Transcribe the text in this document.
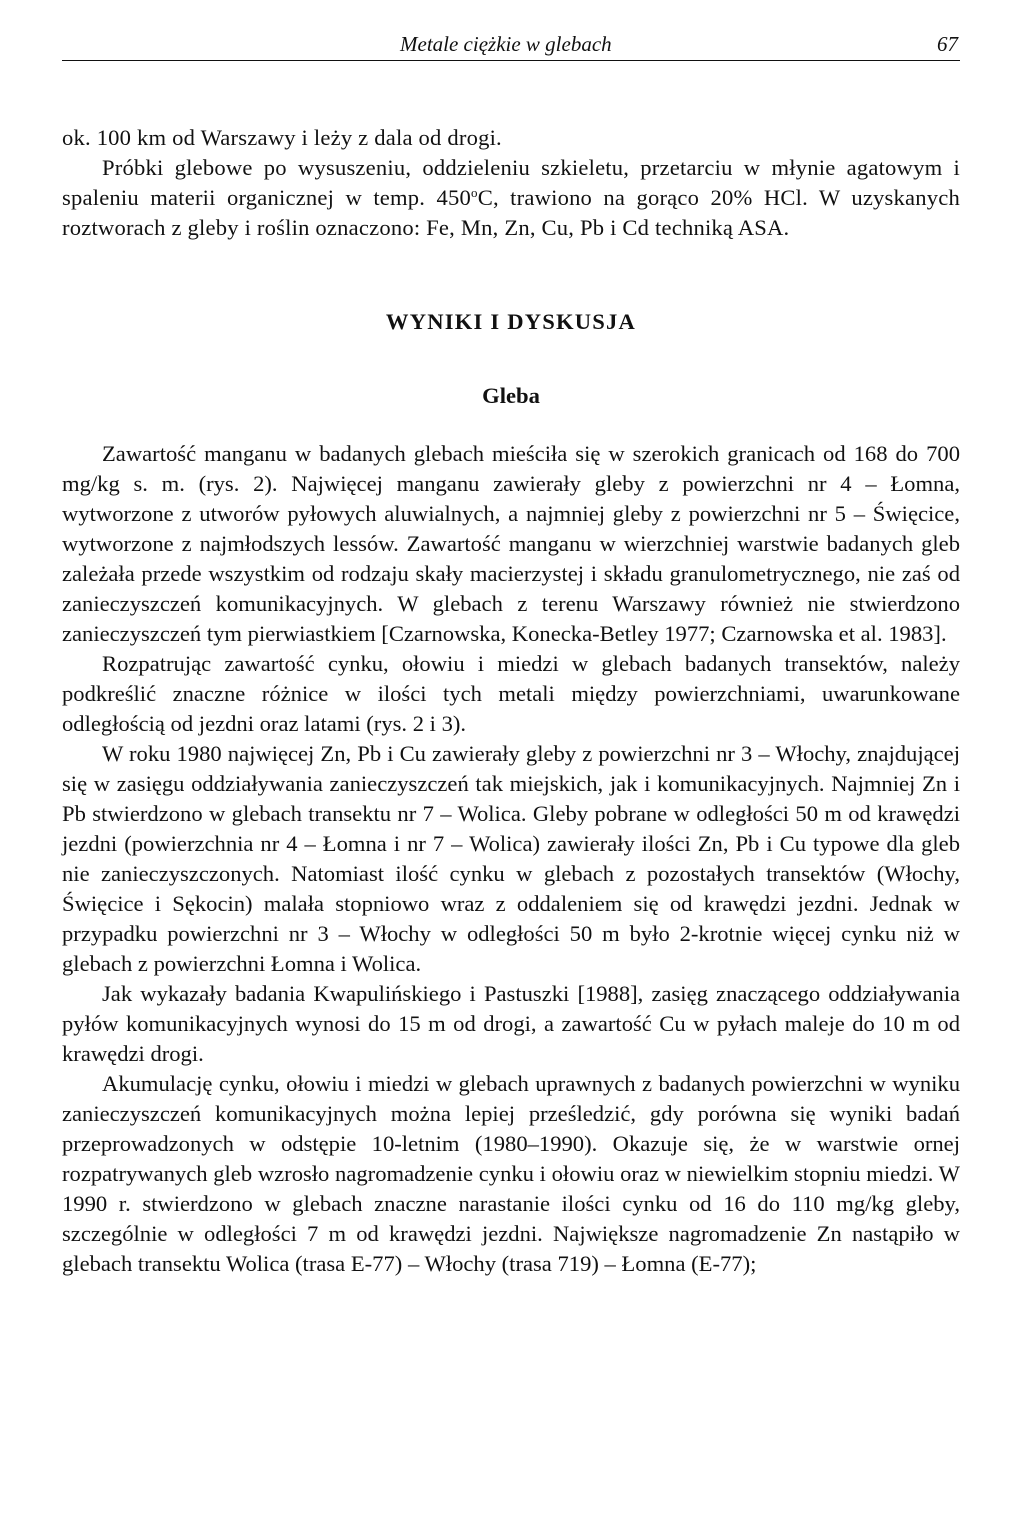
Metale ciężkie w glebach	67

ok. 100 km od Warszawy i leży z dala od drogi.

Próbki glebowe po wysuszeniu, oddzieleniu szkieletu, przetarciu w młynie agatowym i spaleniu materii organicznej w temp. 450$^o$C, trawiono na gorąco 20% HCl. W uzyskanych roztworach z gleby i roślin oznaczono: Fe, Mn, Zn, Cu, Pb i Cd techniką ASA.

WYNIKI I DYSKUSJA
Gleba

Zawartość manganu w badanych glebach mieściła się w szerokich granicach od 168 do 700 mg/kg s. m. (rys. 2). Najwięcej manganu zawierały gleby z powierzchni nr 4 – Łomna, wytworzone z utworów pyłowych aluwialnych, a najmniej gleby z powierzchni nr 5 – Święcice, wytworzone z najmłodszych lessów. Zawartość manganu w wierzchniej warstwie badanych gleb zależała przede wszystkim od rodzaju skały macierzystej i składu granulometrycznego, nie zaś od zanieczyszczeń komunikacyjnych. W glebach z terenu Warszawy również nie stwierdzono zanieczyszczeń tym pierwiastkiem [Czarnowska, Konecka-Betley 1977; Czarnowska et al. 1983].

Rozpatrując zawartość cynku, ołowiu i miedzi w glebach badanych transektów, należy podkreślić znaczne różnice w ilości tych metali między powierzchniami, uwarunkowane odległością od jezdni oraz latami (rys. 2 i 3).

W roku 1980 najwięcej Zn, Pb i Cu zawierały gleby z powierzchni nr 3 – Włochy, znajdującej się w zasięgu oddziaływania zanieczyszczeń tak miejskich, jak i komunikacyjnych. Najmniej Zn i Pb stwierdzono w glebach transektu nr 7 – Wolica. Gleby pobrane w odległości 50 m od krawędzi jezdni (powierzchnia nr 4 – Łomna i nr 7 – Wolica) zawierały ilości Zn, Pb i Cu typowe dla gleb nie zanieczyszczonych. Natomiast ilość cynku w glebach z pozostałych transektów (Włochy, Święcice i Sękocin) malała stopniowo wraz z oddaleniem się od krawędzi jezdni. Jednak w przypadku powierzchni nr 3 – Włochy w odległości 50 m było 2-krotnie więcej cynku niż w glebach z powierzchni Łomna i Wolica.

Jak wykazały badania Kwapulińskiego i Pastuszki [1988], zasięg znaczącego oddziaływania pyłów komunikacyjnych wynosi do 15 m od drogi, a zawartość Cu w pyłach maleje do 10 m od krawędzi drogi.

Akumulację cynku, ołowiu i miedzi w glebach uprawnych z badanych powierzchni w wyniku zanieczyszczeń komunikacyjnych można lepiej prześledzić, gdy porówna się wyniki badań przeprowadzonych w odstępie 10-letnim (1980–1990). Okazuje się, że w warstwie ornej rozpatrywanych gleb wzrosło nagromadzenie cynku i ołowiu oraz w niewielkim stopniu miedzi. W 1990 r. stwierdzono w glebach znaczne narastanie ilości cynku od 16 do 110 mg/kg gleby, szczególnie w odległości 7 m od krawędzi jezdni. Największe nagromadzenie Zn nastąpiło w glebach transektu Wolica (trasa E-77) – Włochy (trasa 719) – Łomna (E-77);
